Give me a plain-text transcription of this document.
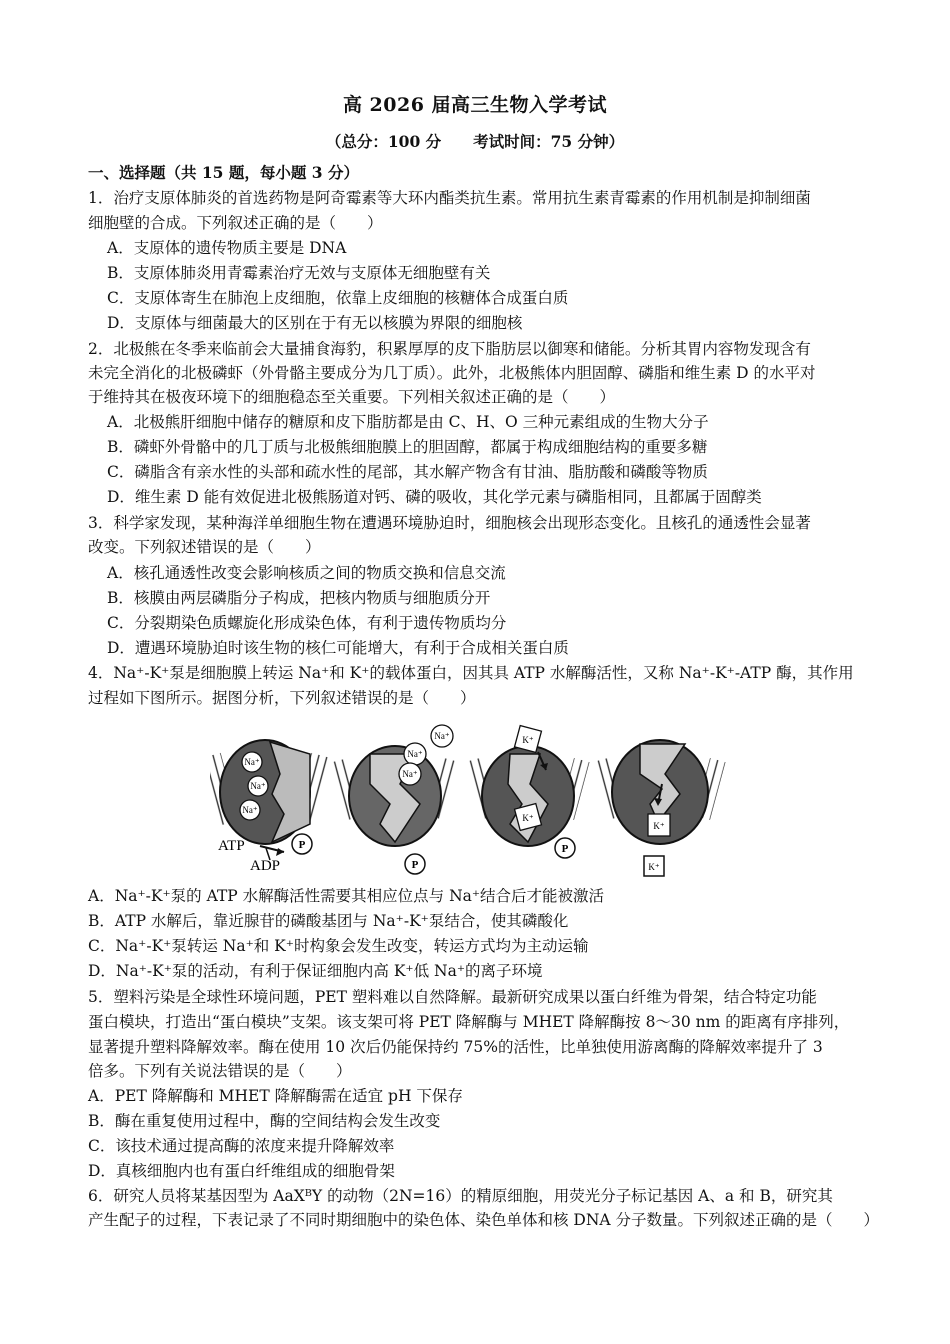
高 2026 届高三生物入学考试
（总分：100 分 考试时间：75 分钟）
一、选择题（共 15 题，每小题 3 分）
1．治疗支原体肺炎的首选药物是阿奇霉素等大环内酯类抗生素。常用抗生素青霉素的作用机制是抑制细菌
细胞壁的合成。下列叙述正确的是（　　）
A．支原体的遗传物质主要是 DNA
B．支原体肺炎用青霉素治疗无效与支原体无细胞壁有关
C．支原体寄生在肺泡上皮细胞，依靠上皮细胞的核糖体合成蛋白质
D．支原体与细菌最大的区别在于有无以核膜为界限的细胞核
2．北极熊在冬季来临前会大量捕食海豹，积累厚厚的皮下脂肪层以御寒和储能。分析其胃内容物发现含有
未完全消化的北极磷虾（外骨骼主要成分为几丁质）。此外，北极熊体内胆固醇、磷脂和维生素 D 的水平对
于维持其在极夜环境下的细胞稳态至关重要。下列相关叙述正确的是（　　）
A．北极熊肝细胞中储存的糖原和皮下脂肪都是由 C、H、O 三种元素组成的生物大分子
B．磷虾外骨骼中的几丁质与北极熊细胞膜上的胆固醇，都属于构成细胞结构的重要多糖
C．磷脂含有亲水性的头部和疏水性的尾部，其水解产物含有甘油、脂肪酸和磷酸等物质
D．维生素 D 能有效促进北极熊肠道对钙、磷的吸收，其化学元素与磷脂相同，且都属于固醇类
3．科学家发现，某种海洋单细胞生物在遭遇环境胁迫时，细胞核会出现形态变化。且核孔的通透性会显著
改变。下列叙述错误的是（　　）
A．核孔通透性改变会影响核质之间的物质交换和信息交流
B．核膜由两层磷脂分子构成，把核内物质与细胞质分开
C．分裂期染色质螺旋化形成染色体，有利于遗传物质均分
D．遭遇环境胁迫时该生物的核仁可能增大，有利于合成相关蛋白质
4．Na⁺-K⁺泵是细胞膜上转运 Na⁺和 K⁺的载体蛋白，因其具 ATP 水解酶活性，又称 Na⁺-K⁺-ATP 酶，其作用
过程如下图所示。据图分析，下列叙述错误的是（　　）
Na⁺
Na⁺
Na⁺
P
ATP
ADP
Na⁺
Na⁺
Na⁺
P
K⁺
K⁺
P
K⁺
K⁺
A．Na⁺-K⁺泵的 ATP 水解酶活性需要其相应位点与 Na⁺结合后才能被激活
B．ATP 水解后，靠近腺苷的磷酸基团与 Na⁺-K⁺泵结合，使其磷酸化
C．Na⁺-K⁺泵转运 Na⁺和 K⁺时构象会发生改变，转运方式均为主动运输
D．Na⁺-K⁺泵的活动，有利于保证细胞内高 K⁺低 Na⁺的离子环境
5．塑料污染是全球性环境问题，PET 塑料难以自然降解。最新研究成果以蛋白纤维为骨架，结合特定功能
蛋白模块，打造出“蛋白模块”支架。该支架可将 PET 降解酶与 MHET 降解酶按 8～30 nm 的距离有序排列，
显著提升塑料降解效率。酶在使用 10 次后仍能保持约 75%的活性，比单独使用游离酶的降解效率提升了 3
倍多。下列有关说法错误的是（　　）
A．PET 降解酶和 MHET 降解酶需在适宜 pH 下保存
B．酶在重复使用过程中，酶的空间结构会发生改变
C．该技术通过提高酶的浓度来提升降解效率
D．真核细胞内也有蛋白纤维组成的细胞骨架
6．研究人员将某基因型为 AaXᴮY 的动物（2N=16）的精原细胞，用荧光分子标记基因 A、a 和 B，研究其
产生配子的过程，下表记录了不同时期细胞中的染色体、染色单体和核 DNA 分子数量。下列叙述正确的是（　　）
